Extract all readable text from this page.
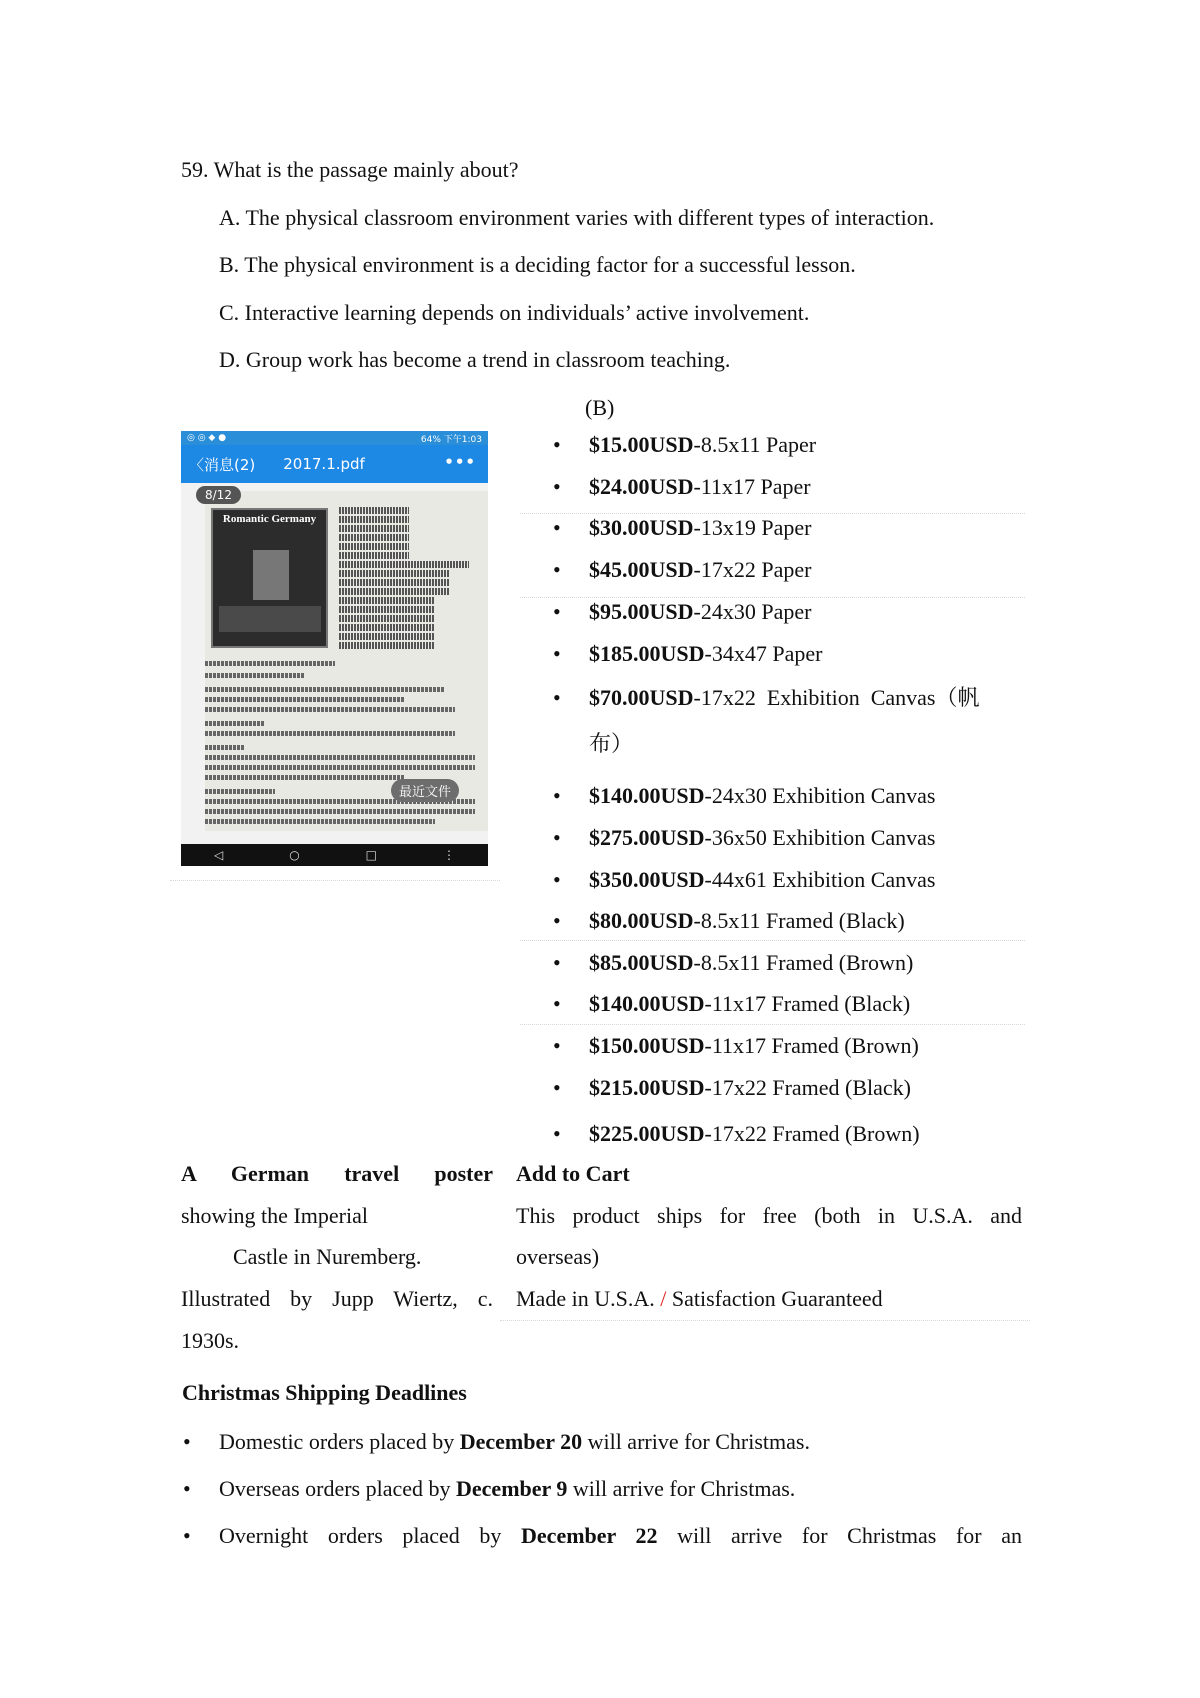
59. What is the passage mainly about?
A. The physical classroom environment varies with different types of interaction.
B. The physical environment is a deciding factor for a successful lesson.
C. Interactive learning depends on individuals’ active involvement.
D. Group work has become a trend in classroom teaching.
(B)
◎ ◎ ◆ ●	64% 下午1:03
〈消息(2) 2017.1.pdf	•••
Romantic Germany
8/12
最近文件
◁	○	□	⋮
• $15.00USD-8.5x11 Paper
• $24.00USD-11x17 Paper
• $30.00USD-13x19 Paper
• $45.00USD-17x22 Paper
• $95.00USD-24x30 Paper
• $185.00USD-34x47 Paper
• $70.00USD-17x22  Exhibition  Canvas（帆
布）
• $140.00USD-24x30 Exhibition Canvas
• $275.00USD-36x50 Exhibition Canvas
• $350.00USD-44x61 Exhibition Canvas
• $80.00USD-8.5x11 Framed (Black)
• $85.00USD-8.5x11 Framed (Brown)
• $140.00USD-11x17 Framed (Black)
• $150.00USD-11x17 Framed (Brown)
• $215.00USD-17x22 Framed (Black)
• $225.00USD-17x22 Framed (Brown)
A German travel poster
showing the Imperial
Castle in Nuremberg.
Illustrated by Jupp Wiertz, c.
1930s.
Add to Cart
This product ships for free (both in U.S.A. and
overseas)
Made in U.S.A. / Satisfaction Guaranteed
Christmas Shipping Deadlines
• Domestic orders placed by December 20 will arrive for Christmas.
• Overseas orders placed by December 9 will arrive for Christmas.
• Overnight orders placed by December 22 will arrive for Christmas for an
